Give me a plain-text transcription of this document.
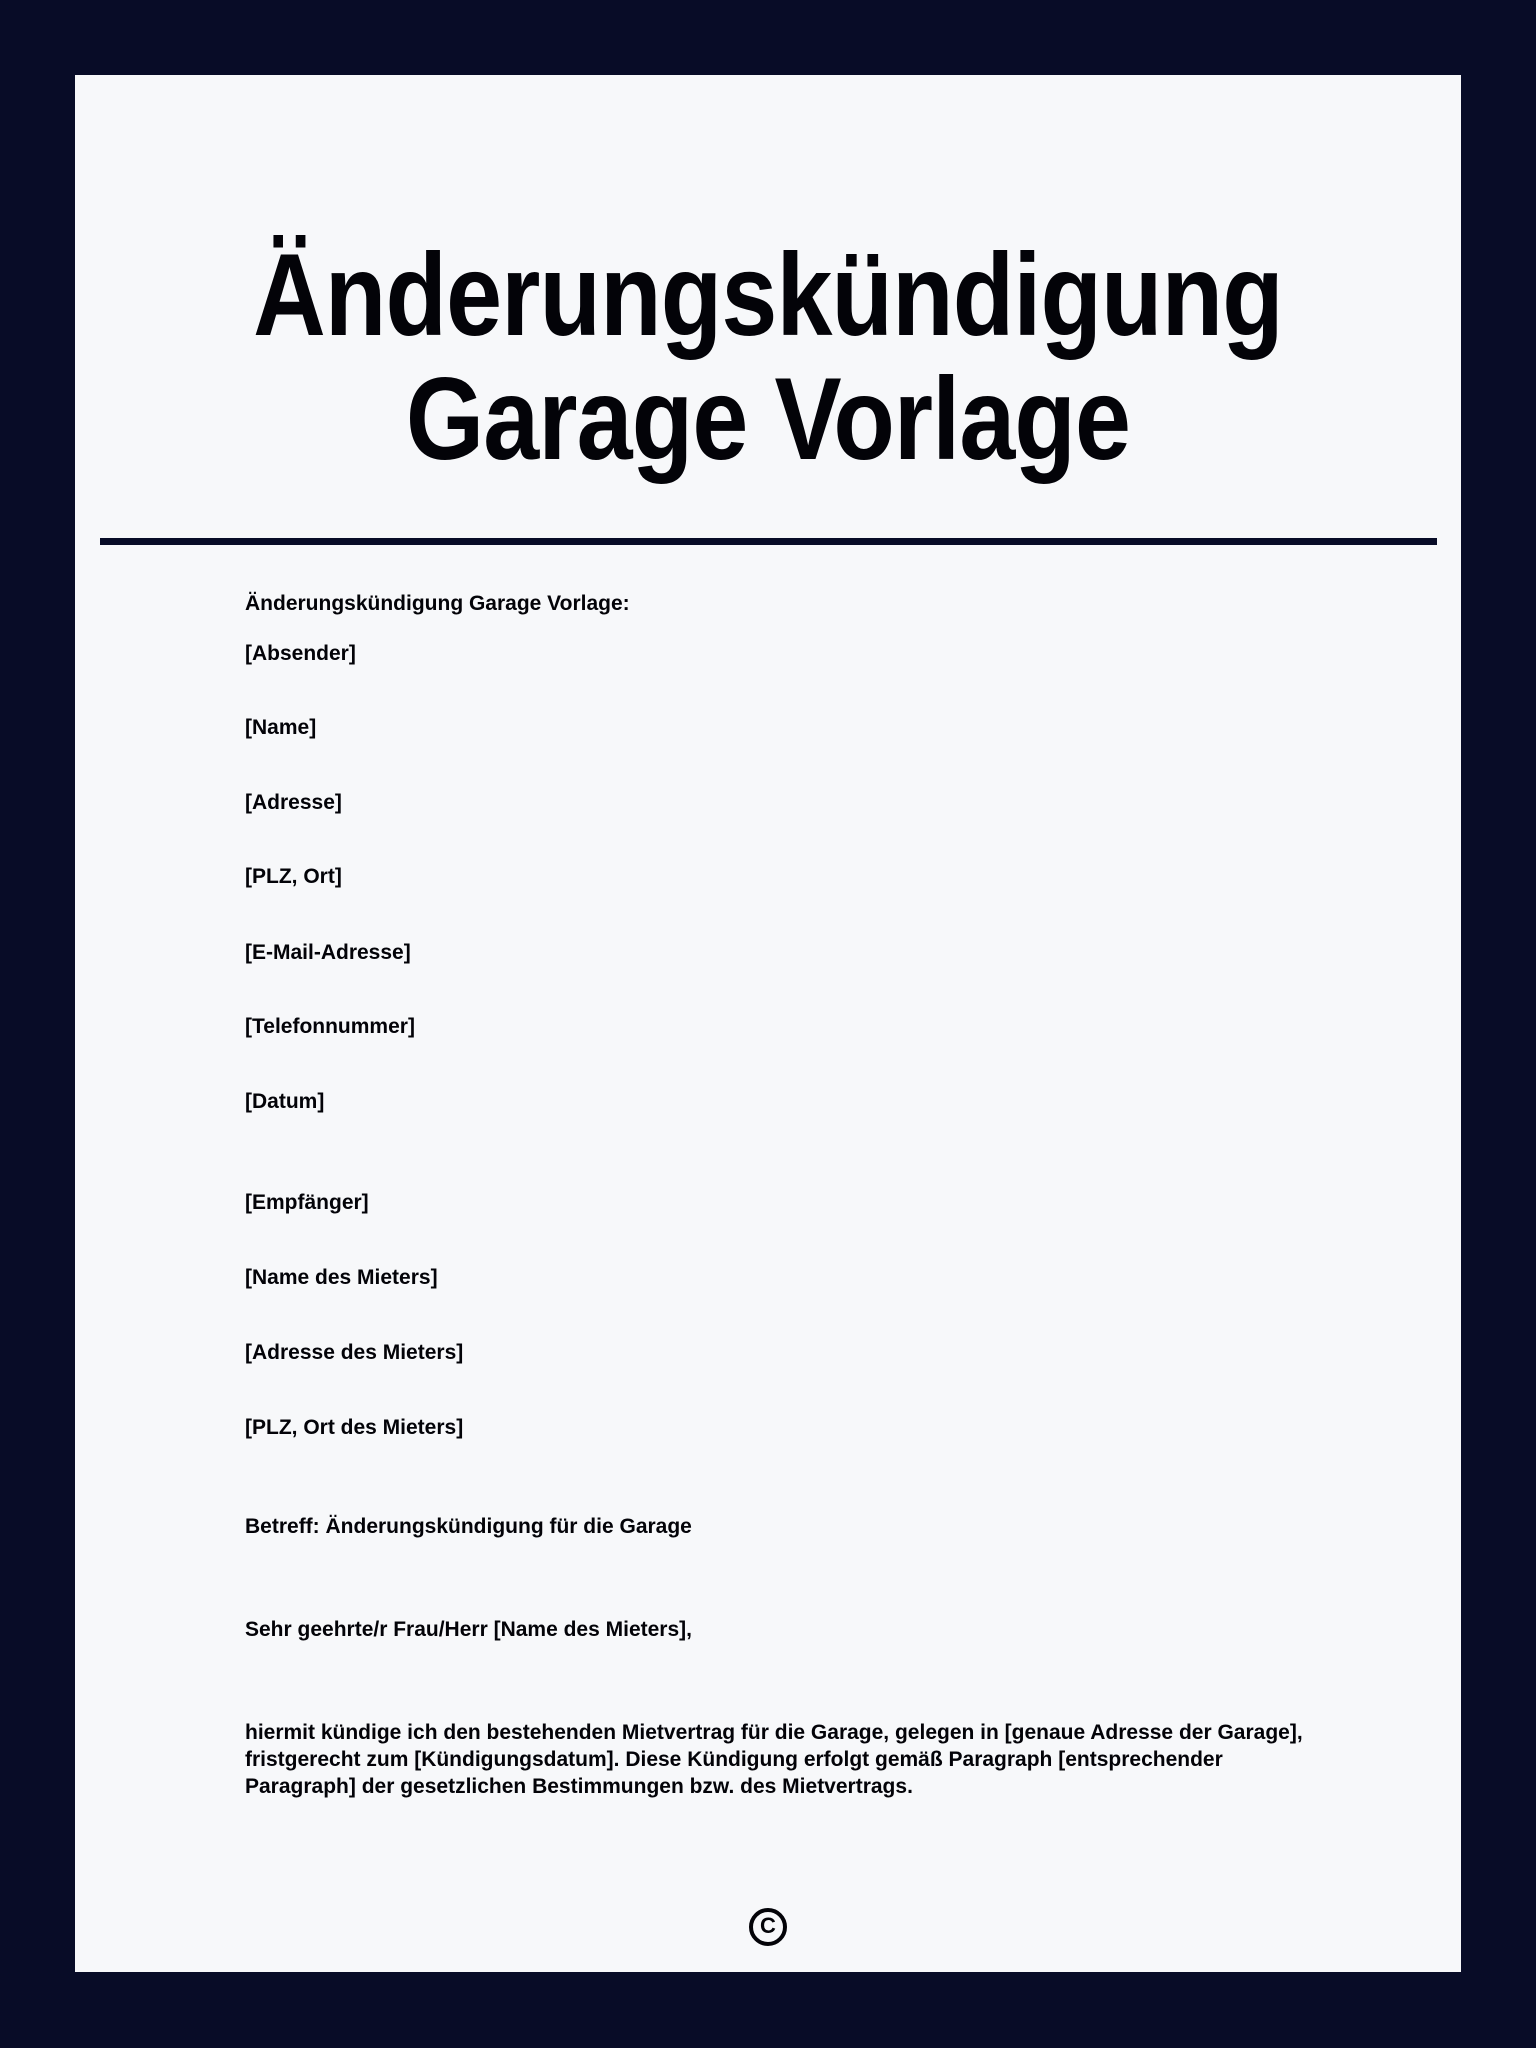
Änderungskündigung
Garage Vorlage
Änderungskündigung Garage Vorlage:
[Absender]
[Name]
[Adresse]
[PLZ, Ort]
[E-Mail-Adresse]
[Telefonnummer]
[Datum]
[Empfänger]
[Name des Mieters]
[Adresse des Mieters]
[PLZ, Ort des Mieters]
Betreff: Änderungskündigung für die Garage
Sehr geehrte/r Frau/Herr [Name des Mieters],

hiermit kündige ich den bestehenden Mietvertrag für die Garage, gelegen in [genaue Adresse der Garage],
fristgerecht zum [Kündigungsdatum]. Diese Kündigung erfolgt gemäß Paragraph [entsprechender
Paragraph] der gesetzlichen Bestimmungen bzw. des Mietvertrags.

C
